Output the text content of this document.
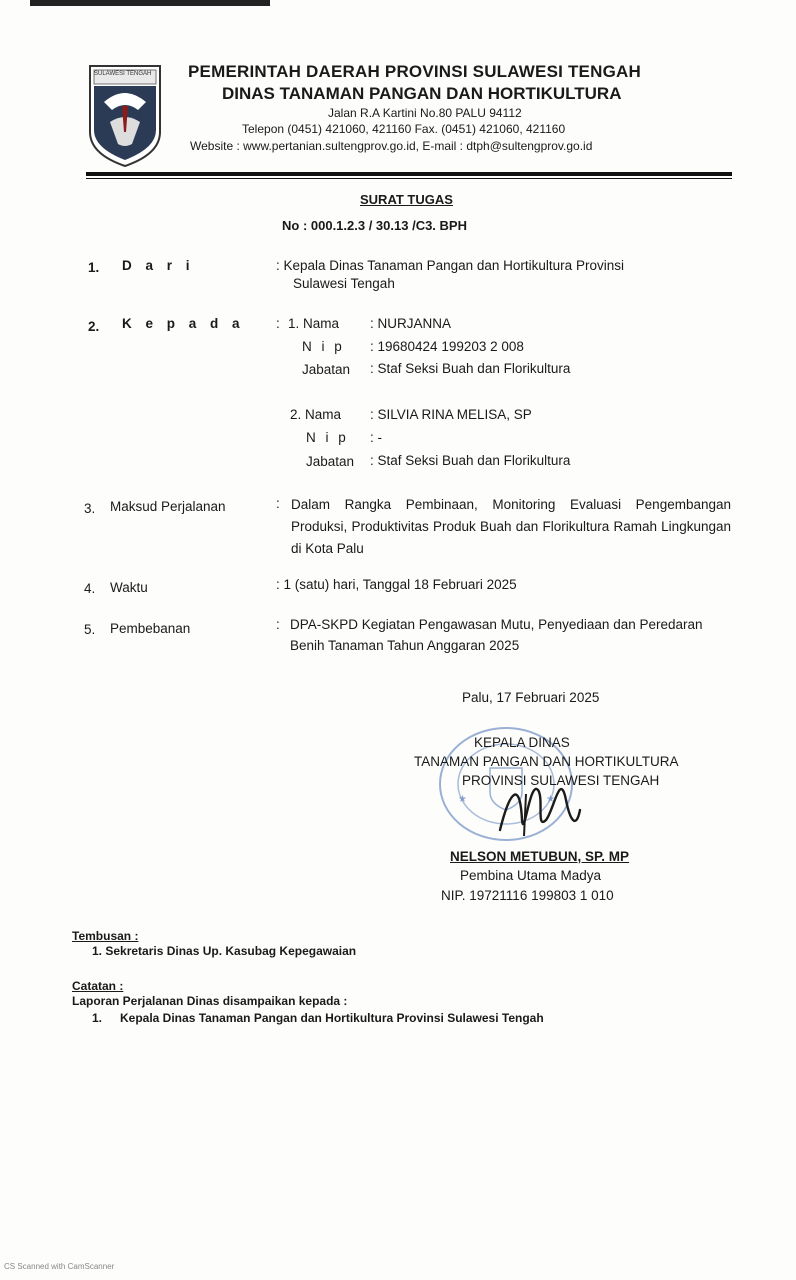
SULAWESI TENGAH PEMERINTAH DAERAH PROVINSI SULAWESI TENGAH
DINAS TANAMAN PANGAN DAN HORTIKULTURA
Jalan R.A Kartini No.80 PALU 94112
Telepon (0451) 421060, 421160 Fax. (0451) 421060, 421160
Website : www.pertanian.sultengprov.go.id, E-mail : dtph@sultengprov.go.id
SURAT TUGAS
No : 000.1.2.3 / 30.13 /C3. BPH
1. D a r i	: Kepala Dinas Tanaman Pangan dan Hortikultura Provinsi
Sulawesi Tengah
2. K e p a d a : 1. Nama : NURJANNA
N i p : 19680424 199203 2 008
Jabatan : Staf Seksi Buah dan Florikultura
2. Nama : SILVIA RINA MELISA, SP
N i p : -
Jabatan : Staf Seksi Buah dan Florikultura
3. Maksud Perjalanan	: Dalam Rangka Pembinaan, Monitoring Evaluasi Pengembangan Produksi, Produktivitas Produk Buah dan Florikultura Ramah Lingkungan di Kota Palu
4. Waktu	: 1 (satu) hari, Tanggal 18 Februari 2025
5. Pembebanan	: DPA-SKPD Kegiatan Pengawasan Mutu, Penyediaan dan Peredaran
Benih Tanaman Tahun Anggaran 2025
Palu, 17 Februari 2025
★	★
KEPALA DINAS
TANAMAN PANGAN DAN HORTIKULTURA
PROVINSI SULAWESI TENGAH
NELSON METUBUN, SP. MP
Pembina Utama Madya
NIP. 19721116 199803 1 010
Tembusan :
1. Sekretaris Dinas Up. Kasubag Kepegawaian
Catatan :
Laporan Perjalanan Dinas disampaikan kepada :
1. Kepala Dinas Tanaman Pangan dan Hortikultura Provinsi Sulawesi Tengah
CS Scanned with CamScanner
